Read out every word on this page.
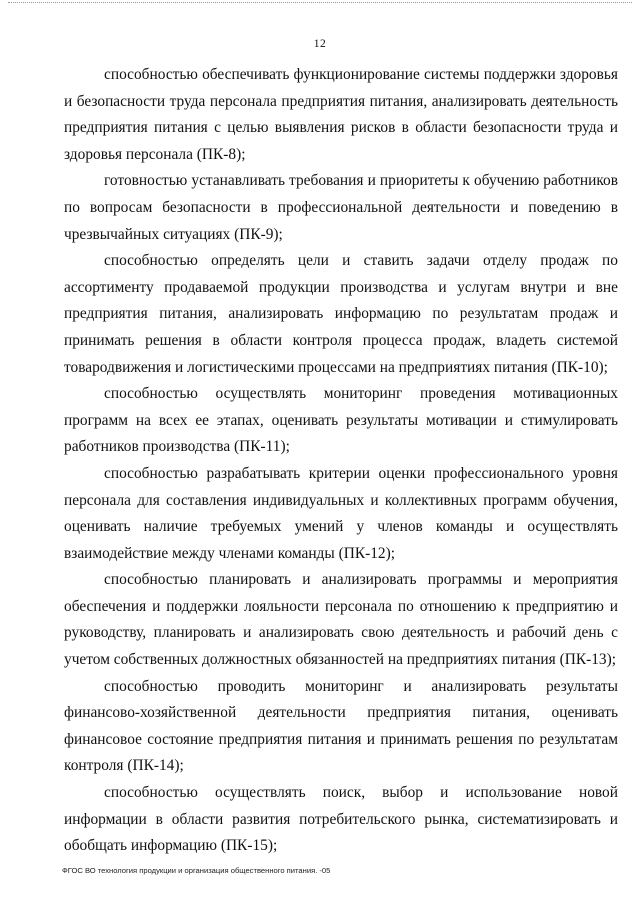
12

способностью обеспечивать функционирование системы поддержки здоровья и безопасности труда персонала предприятия питания, анализировать деятельность предприятия питания с целью выявления рисков в области безопасности труда и здоровья персонала (ПК-8);

готовностью устанавливать требования и приоритеты к обучению работников по вопросам безопасности в профессиональной деятельности и поведению в чрезвычайных ситуациях (ПК-9);

способностью определять цели и ставить задачи отделу продаж по ассортименту продаваемой продукции производства и услугам внутри и вне предприятия питания, анализировать информацию по результатам продаж и принимать решения в области контроля процесса продаж, владеть системой товародвижения и логистическими процессами на предприятиях питания (ПК-10);

способностью осуществлять мониторинг проведения мотивационных программ на всех ее этапах, оценивать результаты мотивации и стимулировать работников производства (ПК-11);

способностью разрабатывать критерии оценки профессионального уровня персонала для составления индивидуальных и коллективных программ обучения, оценивать наличие требуемых умений у членов команды и осуществлять взаимодействие между членами команды (ПК-12);

способностью планировать и анализировать программы и мероприятия обеспечения и поддержки лояльности персонала по отношению к предприятию и руководству, планировать и анализировать свою деятельность и рабочий день с учетом собственных должностных обязанностей на предприятиях питания (ПК-13);

способностью проводить мониторинг и анализировать результаты финансово-хозяйственной деятельности предприятия питания, оценивать финансовое состояние предприятия питания и принимать решения по результатам контроля (ПК-14);

способностью осуществлять поиск, выбор и использование новой информации в области развития потребительского рынка, систематизировать и обобщать информацию (ПК-15);

ФГОС ВО технология продукции и организация общественного питания. -05
